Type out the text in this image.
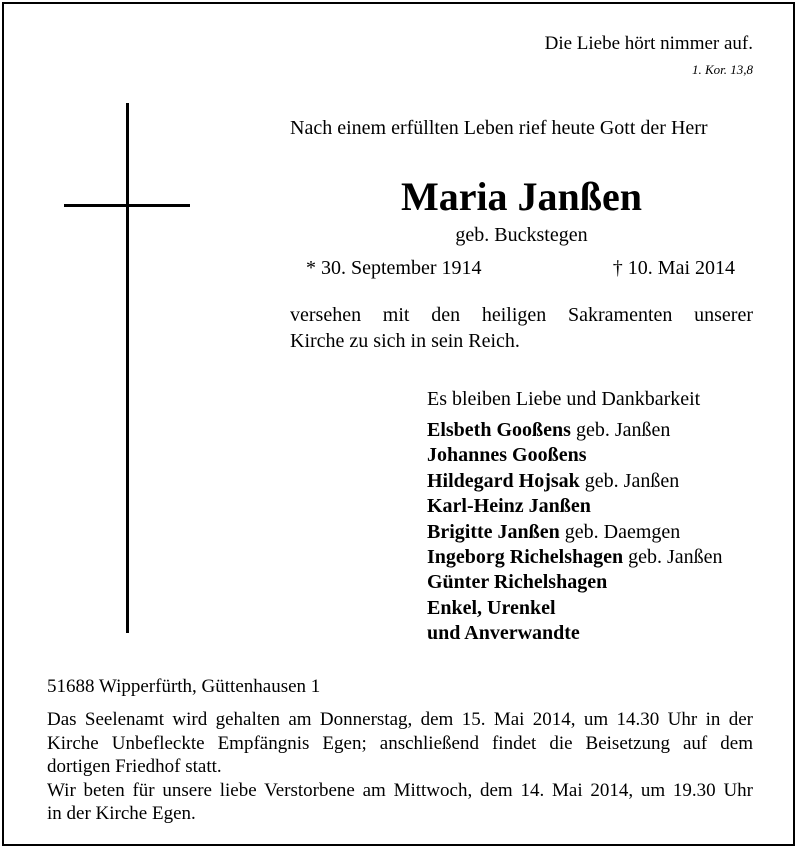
Die Liebe hört nimmer auf.
1. Kor. 13,8
Nach einem erfüllten Leben rief heute Gott der Herr
Maria Janßen
geb. Buckstegen
* 30. September 1914	† 10. Mai 2014
versehen mit den heiligen Sakramenten unserer
Kirche zu sich in sein Reich.
Es bleiben Liebe und Dankbarkeit
Elsbeth Gooßens geb. Janßen
Johannes Gooßens
Hildegard Hojsak geb. Janßen
Karl-Heinz Janßen
Brigitte Janßen geb. Daemgen
Ingeborg Richelshagen geb. Janßen
Günter Richelshagen
Enkel, Urenkel
und Anverwandte
51688 Wipperfürth, Güttenhausen 1
Das Seelenamt wird gehalten am Donnerstag, dem 15. Mai 2014, um 14.30 Uhr in der
Kirche Unbefleckte Empfängnis Egen; anschließend findet die Beisetzung auf dem
dortigen Friedhof statt.
Wir beten für unsere liebe Verstorbene am Mittwoch, dem 14. Mai 2014, um 19.30 Uhr
in der Kirche Egen.
